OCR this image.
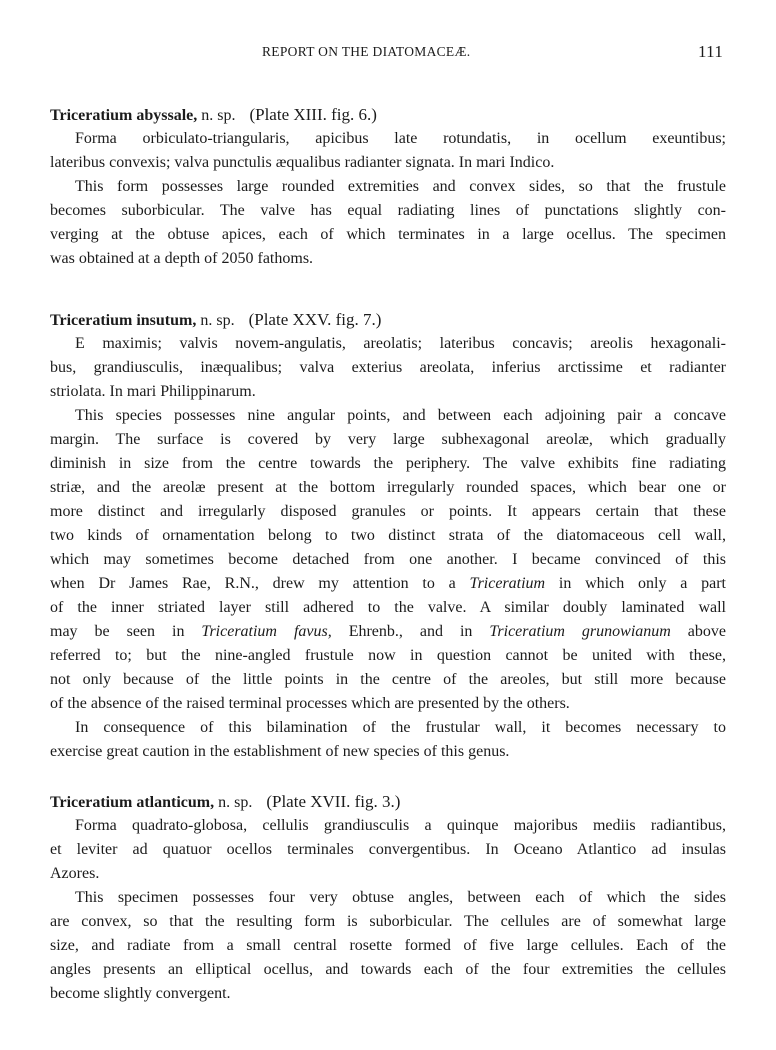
REPORT ON THE DIATOMACEÆ.	111
Triceratium abyssale, n. sp. (Plate XIII. fig. 6.)
Forma orbiculato-triangularis, apicibus late rotundatis, in ocellum exeuntibus;
lateribus convexis; valva punctulis æqualibus radianter signata. In mari Indico.
This form possesses large rounded extremities and convex sides, so that the frustule
becomes suborbicular. The valve has equal radiating lines of punctations slightly con-
verging at the obtuse apices, each of which terminates in a large ocellus. The specimen
was obtained at a depth of 2050 fathoms.
Triceratium insutum, n. sp. (Plate XXV. fig. 7.)
E maximis; valvis novem-angulatis, areolatis; lateribus concavis; areolis hexagonali-
bus, grandiusculis, inæqualibus; valva exterius areolata, inferius arctissime et radianter
striolata. In mari Philippinarum.
This species possesses nine angular points, and between each adjoining pair a concave
margin. The surface is covered by very large subhexagonal areolæ, which gradually
diminish in size from the centre towards the periphery. The valve exhibits fine radiating
striæ, and the areolæ present at the bottom irregularly rounded spaces, which bear one or
more distinct and irregularly disposed granules or points. It appears certain that these
two kinds of ornamentation belong to two distinct strata of the diatomaceous cell wall,
which may sometimes become detached from one another. I became convinced of this
when Dr James Rae, R.N., drew my attention to a Triceratium in which only a part
of the inner striated layer still adhered to the valve. A similar doubly laminated wall
may be seen in Triceratium favus, Ehrenb., and in Triceratium grunowianum above
referred to; but the nine-angled frustule now in question cannot be united with these,
not only because of the little points in the centre of the areoles, but still more because
of the absence of the raised terminal processes which are presented by the others.
In consequence of this bilamination of the frustular wall, it becomes necessary to
exercise great caution in the establishment of new species of this genus.
Triceratium atlanticum, n. sp. (Plate XVII. fig. 3.)
Forma quadrato-globosa, cellulis grandiusculis a quinque majoribus mediis radiantibus,
et leviter ad quatuor ocellos terminales convergentibus. In Oceano Atlantico ad insulas
Azores.
This specimen possesses four very obtuse angles, between each of which the sides
are convex, so that the resulting form is suborbicular. The cellules are of somewhat large
size, and radiate from a small central rosette formed of five large cellules. Each of the
angles presents an elliptical ocellus, and towards each of the four extremities the cellules
become slightly convergent.
